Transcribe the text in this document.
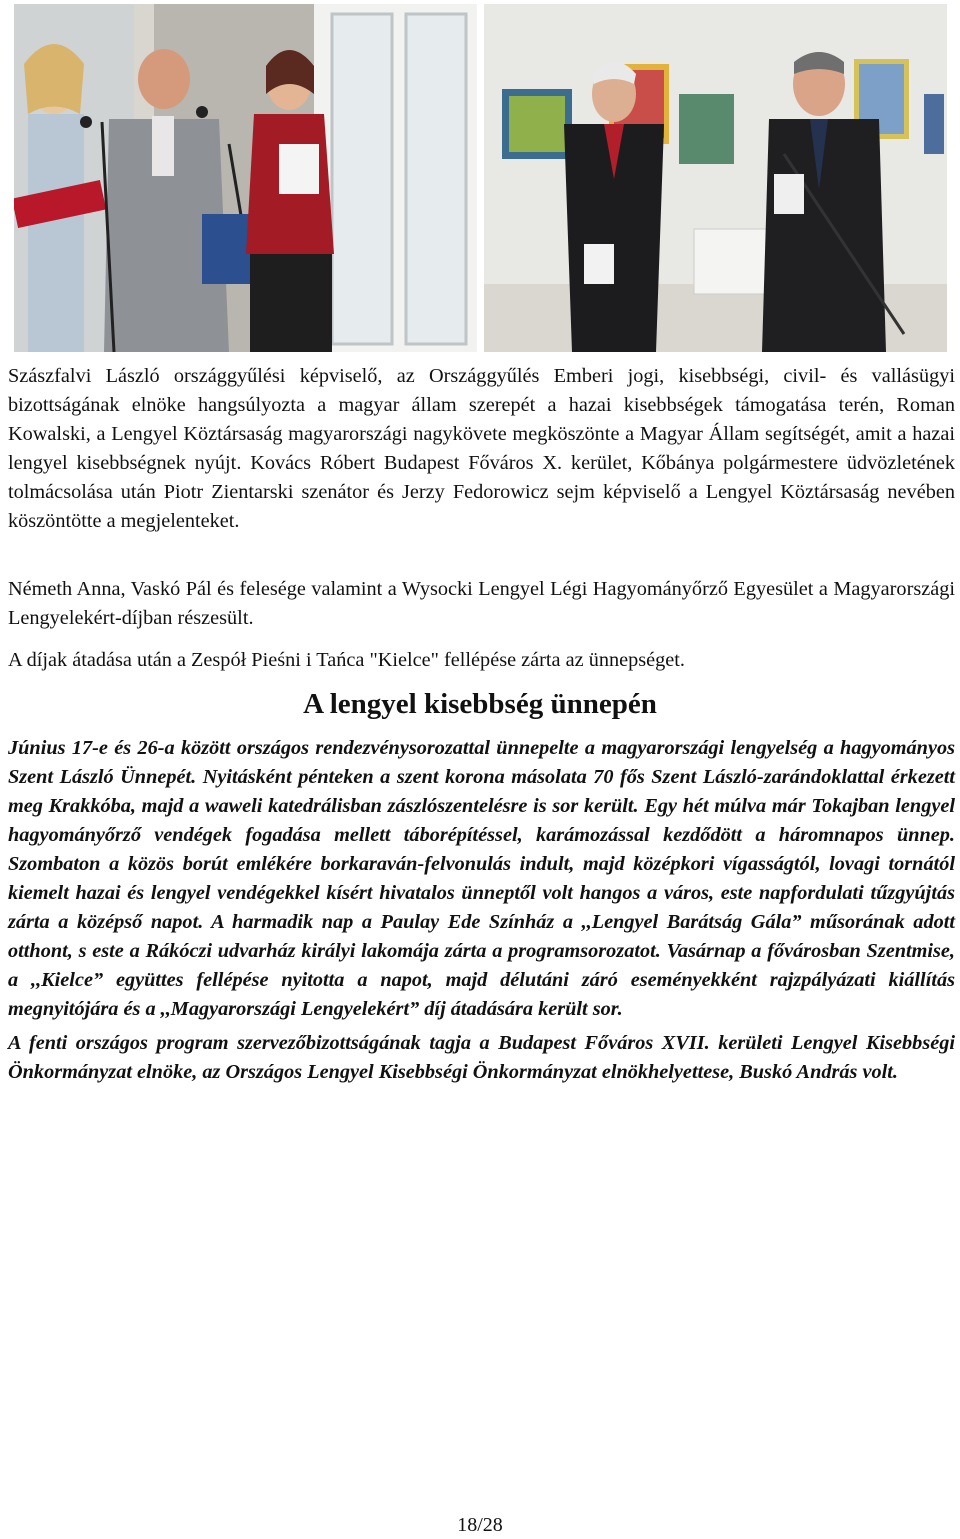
Szászfalvi László országgyűlési képviselő, az Országgyűlés Emberi jogi, kisebbségi, civil- és vallásügyi bizottságának elnöke hangsúlyozta a magyar állam szerepét a hazai kisebbségek támogatása terén, Roman Kowalski, a Lengyel Köztársaság magyarországi nagykövete megköszönte a Magyar Állam segítségét, amit a hazai lengyel kisebbségnek nyújt. Kovács Róbert Budapest Főváros X. kerület, Kőbánya polgármestere üdvözletének tolmácsolása után Piotr Zientarski szenátor és Jerzy Fedorowicz sejm képviselő a Lengyel Köztársaság nevében köszöntötte a megjelenteket.

Németh Anna, Vaskó Pál és felesége valamint a Wysocki Lengyel Légi Hagyományőrző Egyesület a Magyarországi Lengyelekért-díjban részesült.

A díjak átadása után a Zespół Pieśni i Tańca "Kielce" fellépése zárta az ünnepséget.

A lengyel kisebbség ünnepén

Június 17-e és 26-a között országos rendezvénysorozattal ünnepelte a magyarországi lengyelség a hagyományos Szent László Ünnepét. Nyitásként pénteken a szent korona másolata 70 fős Szent László-zarándoklattal érkezett meg Krakkóba, majd a waweli katedrálisban zászlószentelésre is sor került. Egy hét múlva már Tokajban lengyel hagyományőrző vendégek fogadása mellett táborépítéssel, karámozással kezdődött a háromnapos ünnep. Szombaton a közös borút emlékére borkaraván-felvonulás indult, majd középkori vígasságtól, lovagi tornától kiemelt hazai és lengyel vendégekkel kísért hivatalos ünneptől volt hangos a város, este napfordulati tűzgyújtás zárta a középső napot. A harmadik nap a Paulay Ede Színház a ,,Lengyel Barátság Gála” műsorának adott otthont, s este a Rákóczi udvarház királyi lakomája zárta a programsorozatot. Vasárnap a fővárosban Szentmise, a ,,Kielce” együttes fellépése nyitotta a napot, majd délutáni záró eseményekként rajzpályázati kiállítás megnyitójára és a ,,Magyarországi Lengyelekért” díj átadására került sor.

A fenti országos program szervezőbizottságának tagja a Budapest Főváros XVII. kerületi Lengyel Kisebbségi Önkormányzat elnöke, az Országos Lengyel Kisebbségi Önkormányzat elnökhelyettese, Buskó András volt.

18/28
